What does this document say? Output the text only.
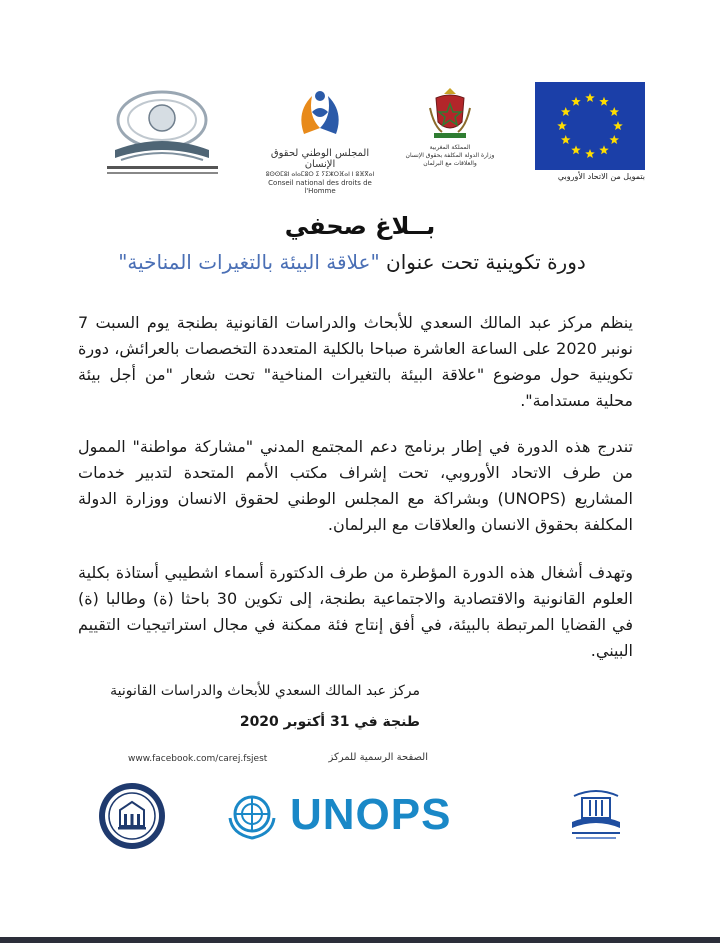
المجلس الوطني لحقوق الإنسان
ⵓⵙⵙⵎⵓⵏ ⴰⵏⴰⵎⵓⵔ ⵉ ⵢⵉⵣⵔⴼⴰⵏ ⵏ ⵓⴼⴳⴰⵏ
Conseil national des droits de l'Homme
المملكة المغربية
وزارة الدولة المكلفة بحقوق الإنسان والعلاقات مع البرلمان
بتمويل من الاتحاد الأوروبي
بــلاغ صحفي
دورة تكوينية تحت عنوان "علاقة البيئة بالتغيرات المناخية"
ينظم مركز عبد المالك السعدي للأبحاث والدراسات القانونية بطنجة يوم السبت 7 نونبر 2020 على الساعة العاشرة صباحا بالكلية المتعددة التخصصات بالعرائش، دورة تكوينية حول موضوع "علاقة البيئة بالتغيرات المناخية" تحت شعار "من أجل بيئة محلية مستدامة".
تندرج هذه الدورة في إطار برنامج دعم المجتمع المدني "مشاركة مواطنة" الممول من طرف الاتحاد الأوروبي، تحت إشراف مكتب الأمم المتحدة لتدبير خدمات المشاريع (UNOPS) وبشراكة مع المجلس الوطني لحقوق الانسان ووزارة الدولة المكلفة بحقوق الانسان والعلاقات مع البرلمان.
وتهدف أشغال هذه الدورة المؤطرة من طرف الدكتورة أسماء اشطيبي أستاذة بكلية العلوم القانونية والاقتصادية والاجتماعية بطنجة، إلى تكوين 30 باحثا (ة) وطالبا (ة) في القضايا المرتبطة بالبيئة، في أفق إنتاج فئة ممكنة في مجال استراتيجيات التقييم البيني.
مركز عبد المالك السعدي للأبحاث والدراسات القانونية
طنجة في 31 أكتوبر 2020
www.facebook.com/carej.fsjest	الصفحة الرسمية للمركز
UNOPS
